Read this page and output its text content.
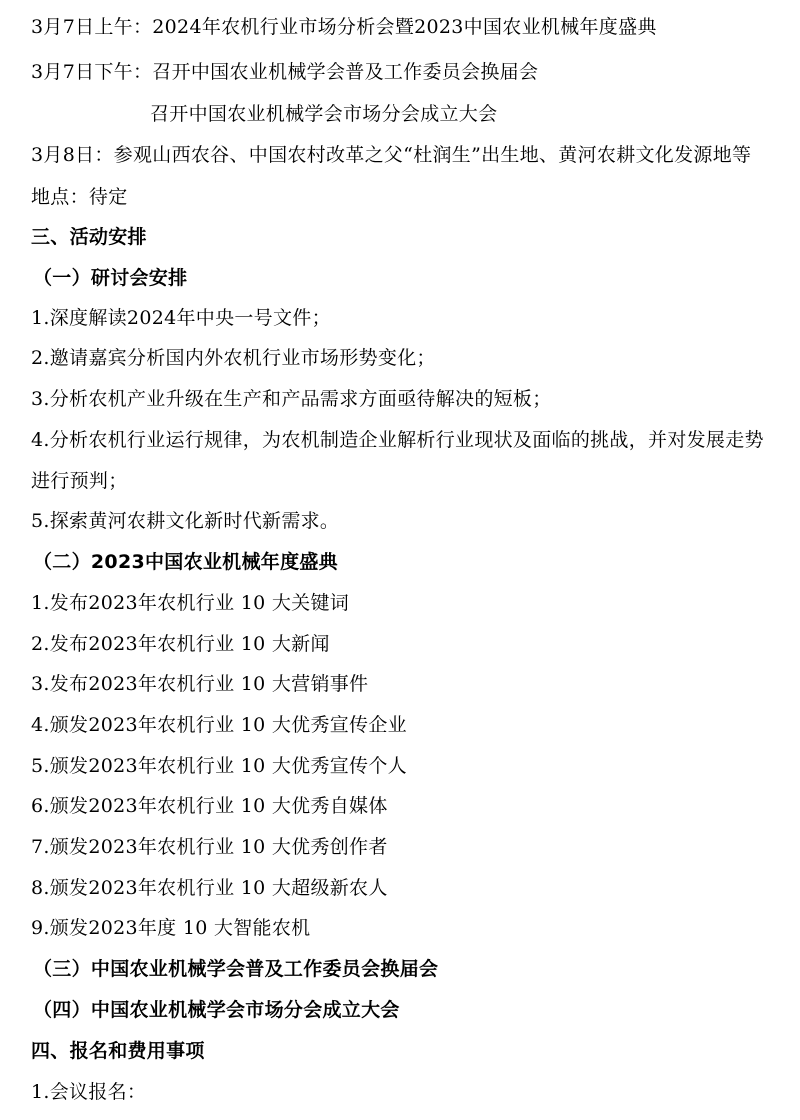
3月7日上午：2024年农机行业市场分析会暨2023中国农业机械年度盛典
3月7日下午：召开中国农业机械学会普及工作委员会换届会
召开中国农业机械学会市场分会成立大会
3月8日：参观山西农谷、中国农村改革之父“杜润生”出生地、黄河农耕文化发源地等
地点：待定
三、活动安排
（一）研讨会安排
1.深度解读2024年中央一号文件；
2.邀请嘉宾分析国内外农机行业市场形势变化；
3.分析农机产业升级在生产和产品需求方面亟待解决的短板；
4.分析农机行业运行规律，为农机制造企业解析行业现状及面临的挑战，并对发展走势
进行预判；
5.探索黄河农耕文化新时代新需求。
（二）2023中国农业机械年度盛典
1.发布2023年农机行业 10 大关键词
2.发布2023年农机行业 10 大新闻
3.发布2023年农机行业 10 大营销事件
4.颁发2023年农机行业 10 大优秀宣传企业
5.颁发2023年农机行业 10 大优秀宣传个人
6.颁发2023年农机行业 10 大优秀自媒体
7.颁发2023年农机行业 10 大优秀创作者
8.颁发2023年农机行业 10 大超级新农人
9.颁发2023年度 10 大智能农机
（三）中国农业机械学会普及工作委员会换届会
（四）中国农业机械学会市场分会成立大会
四、报名和费用事项
1.会议报名：
